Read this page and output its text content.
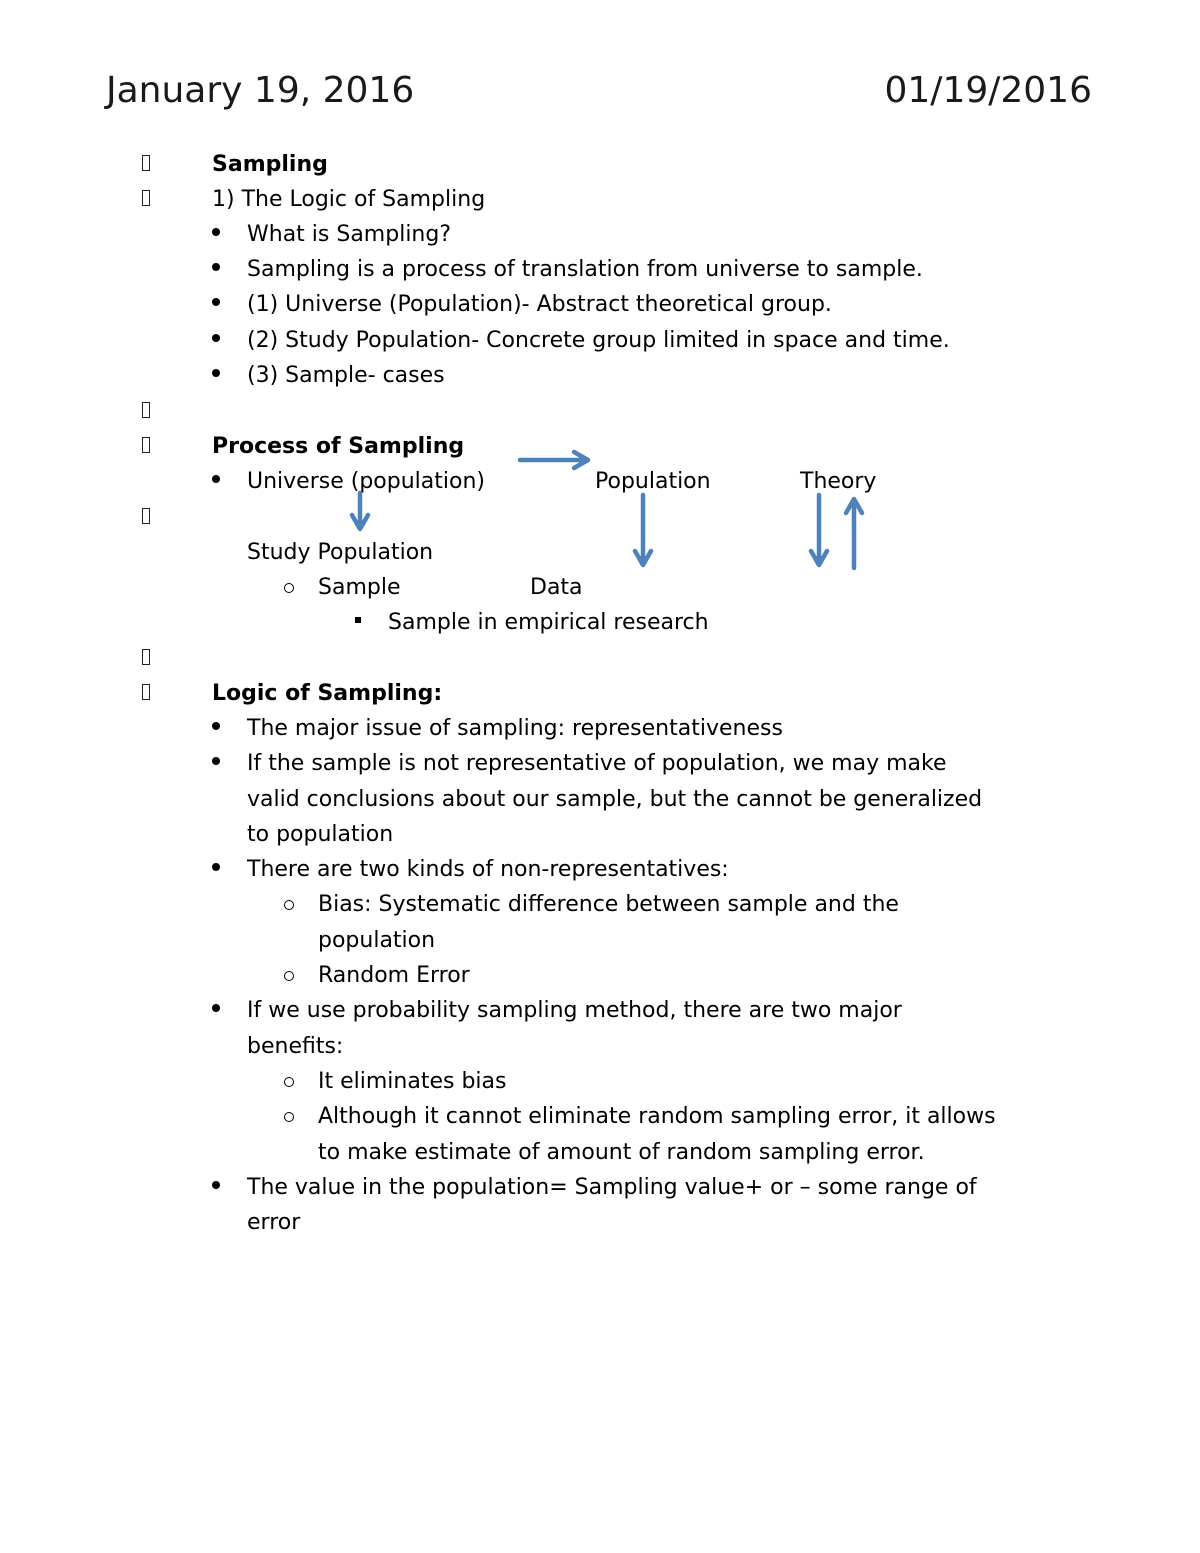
January 19, 2016	01/19/2016
Sampling
1) The Logic of Sampling
What is Sampling?
Sampling is a process of translation from universe to sample.
(1) Universe (Population)- Abstract theoretical group.
(2) Study Population- Concrete group limited in space and time.
(3) Sample- cases
Process of Sampling
Universe (population)	Population	Theory
Study Population
Sample	Data
Sample in empirical research
Logic of Sampling:
The major issue of sampling: representativeness
If the sample is not representative of population, we may make
valid conclusions about our sample, but the cannot be generalized
to population
There are two kinds of non-representatives:
Bias: Systematic difference between sample and the
population
Random Error
If we use probability sampling method, there are two major
benefits:
It eliminates bias
Although it cannot eliminate random sampling error, it allows
to make estimate of amount of random sampling error.
The value in the population= Sampling value+ or – some range of
error
